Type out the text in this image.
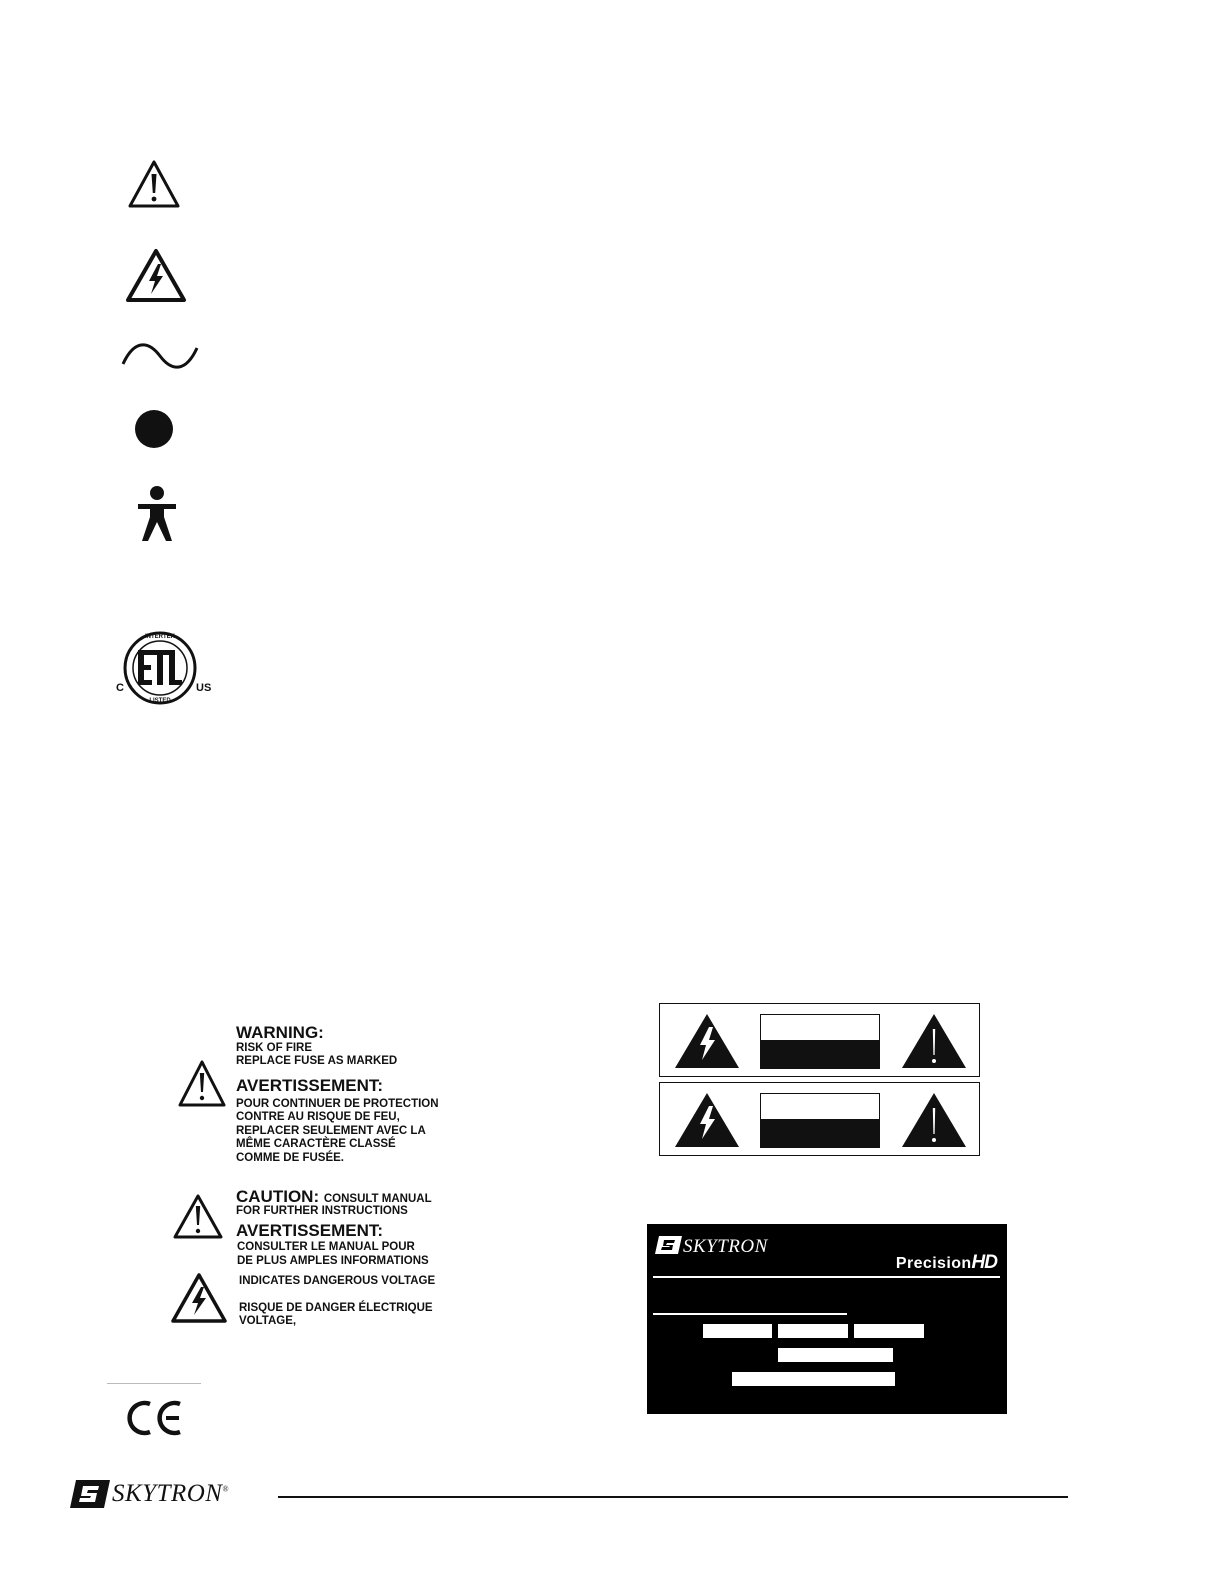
INTERTEK
LISTED
C	US
WARNING:
RISK OF FIRE
REPLACE FUSE AS MARKED
AVERTISSEMENT:
POUR CONTINUER DE PROTECTION
CONTRE AU RISQUE DE FEU,
REPLACER SEULEMENT AVEC LA
MÊME CARACTÈRE CLASSÉ
COMME DE FUSÉE.
CAUTION: CONSULT MANUAL
FOR FURTHER INSTRUCTIONS
AVERTISSEMENT:
CONSULTER LE MANUAL POUR
DE PLUS AMPLES INFORMATIONS
INDICATES DANGEROUS VOLTAGE
RISQUE DE DANGER ÉLECTRIQUE
VOLTAGE,
SKYTRON
PrecisionHD
SKYTRON®
